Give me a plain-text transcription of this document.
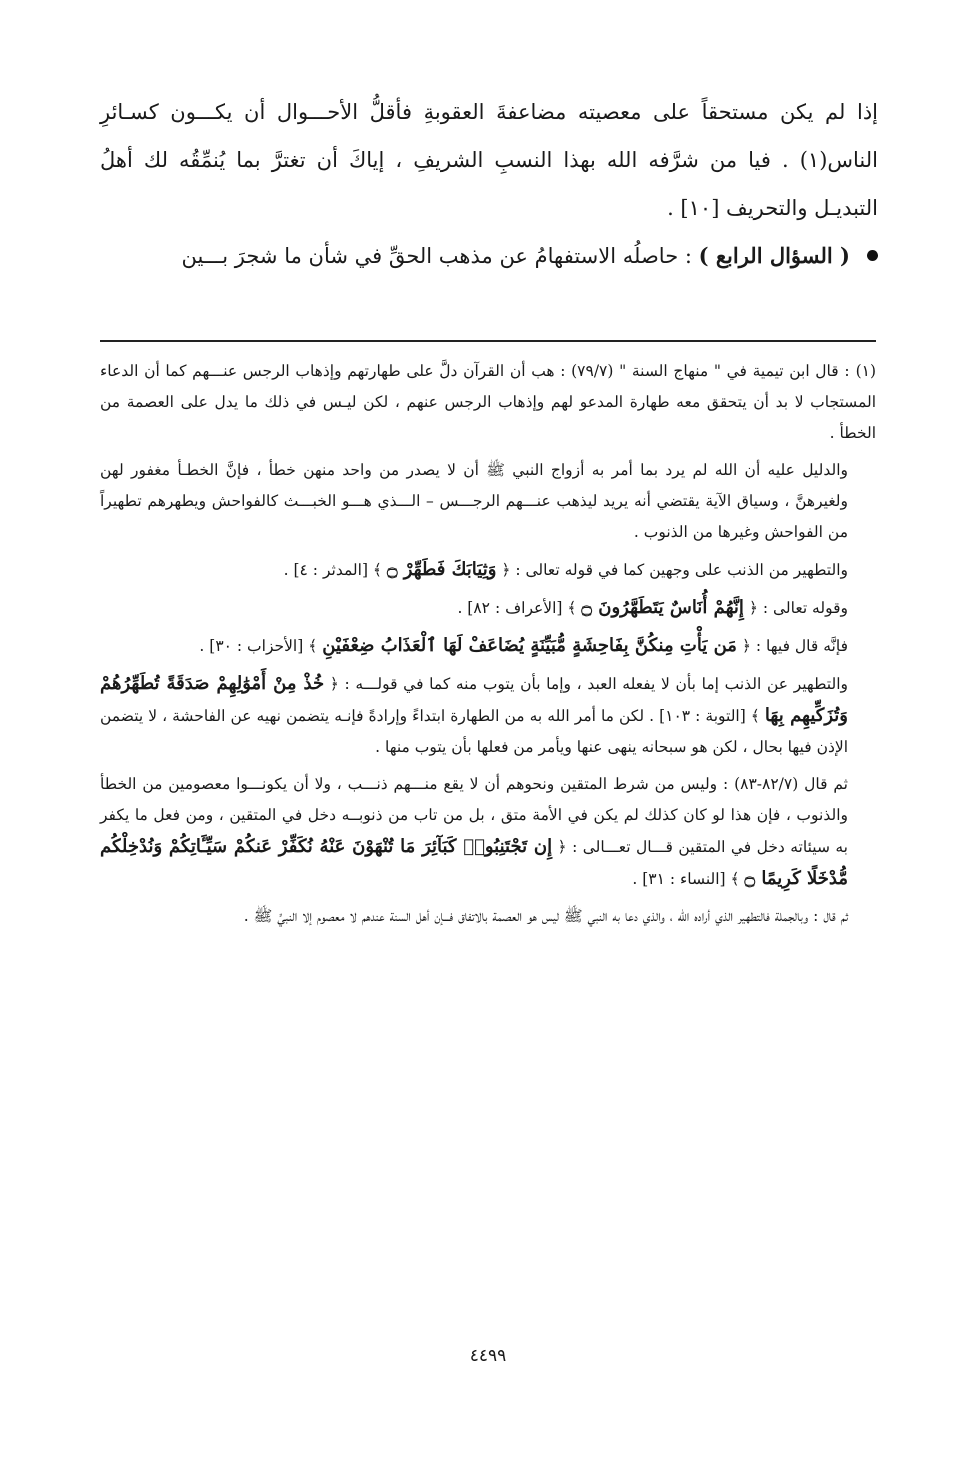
إذا لم يكن مستحقاً على معصيته مضاعفةَ العقوبةِ فأقلُّ الأحـــوال أن يكـــون كسـائرِ الناس(١) . فيا من شرَّفه الله بهذا النسبِ الشريفِ ، إياكَ أن تغترَّ بما يُنمِّقُه لك أهلُ التبديـل والتحريف [١٠] .

( السؤال الرابع ) : حاصلُه الاستفهامُ عن مذهب الحقِّ في شأن ما شجرَ بـــين

(١): قال ابن تيمية في " منهاج السنة " (٧٩/٧) : هب أن القرآن دلَّ على طهارتهم وإذهاب الرجس عنـــهم كما أن الدعاء المستجاب لا بد أن يتحقق معه طهارة المدعو لهم وإذهاب الرجس عنهم ، لكن ليـس في ذلك ما يدل على العصمة من الخطأ .

والدليل عليه أن الله لم يرد بما أمر به أزواج النبي ﷺ أن لا يصدر من واحد منهن خطأ ، فإنَّ الخطـأ مغفور لهن ولغيرهنَّ ، وسياق الآية يقتضي أنه يريد ليذهب عنـــهم الرجـــس – الـــذي هـــو الخبـــث كالفواحش ويطهرهم تطهيراً من الفواحش وغيرها من الذنوب .

والتطهير من الذنب على وجهين كما في قوله تعالى : ﴿ وَثِيَابَكَ فَطَهِّرْ ۝ ﴾ [المدثر : ٤] .

وقوله تعالى : ﴿ إِنَّهُمْ أُنَاسٌ يَتَطَهَّرُونَ ۝ ﴾ [الأعراف : ٨٢] .

فإنَّه قال فيها : ﴿ مَن يَأْتِ مِنكُنَّ بِفَاحِشَةٍ مُّبَيِّنَةٍ يُضَاعَفْ لَهَا ٱلْعَذَابُ ضِعْفَيْنِ ﴾ [الأحزاب : ٣٠] .

والتطهير عن الذنب إما بأن لا يفعله العبد ، وإما بأن يتوب منه كما في قولـــه : ﴿ خُذْ مِنْ أَمْوَٰلِهِمْ صَدَقَةً تُطَهِّرُهُمْ وَتُزَكِّيهِم بِهَا ﴾ [التوبة : ١٠٣] . لكن ما أمر الله به من الطهارة ابتداءً وإرادةً فإنـه يتضمن نهيه عن الفاحشة ، لا يتضمن الإذن فيها بحال ، لكن هو سبحانه ينهى عنها ويأمر من فعلها بأن يتوب منها .

ثم قال (٨٢/٧-٨٣) : وليس من شرط المتقين ونحوهم أن لا يقع منـــهم ذنـــب ، ولا أن يكونـــوا معصومين من الخطأ والذنوب ، فإن هذا لو كان كذلك لم يكن في الأمة متق ، بل من تاب من ذنوبــه دخل في المتقين ، ومن فعل ما يكفر به سيئاته دخل في المتقين قـــال تعـــالى : ﴿ إِن تَجْتَنِبُوا۟ كَبَآئِرَ مَا تُنْهَوْنَ عَنْهُ نُكَفِّرْ عَنكُمْ سَيِّـَٔاتِكُمْ وَنُدْخِلْكُم مُّدْخَلًا كَرِيمًا ۝ ﴾ [النساء : ٣١] .

ثم قال : وبالجملة فالتطهير الذي أراده الله ، والذي دعا به النبي ﷺ ليس هو العصمة بالاتفاق فـــإن أهل السنة عندهم لا معصوم إلا النبيِّ ﷺ .

٤٤٩٩
